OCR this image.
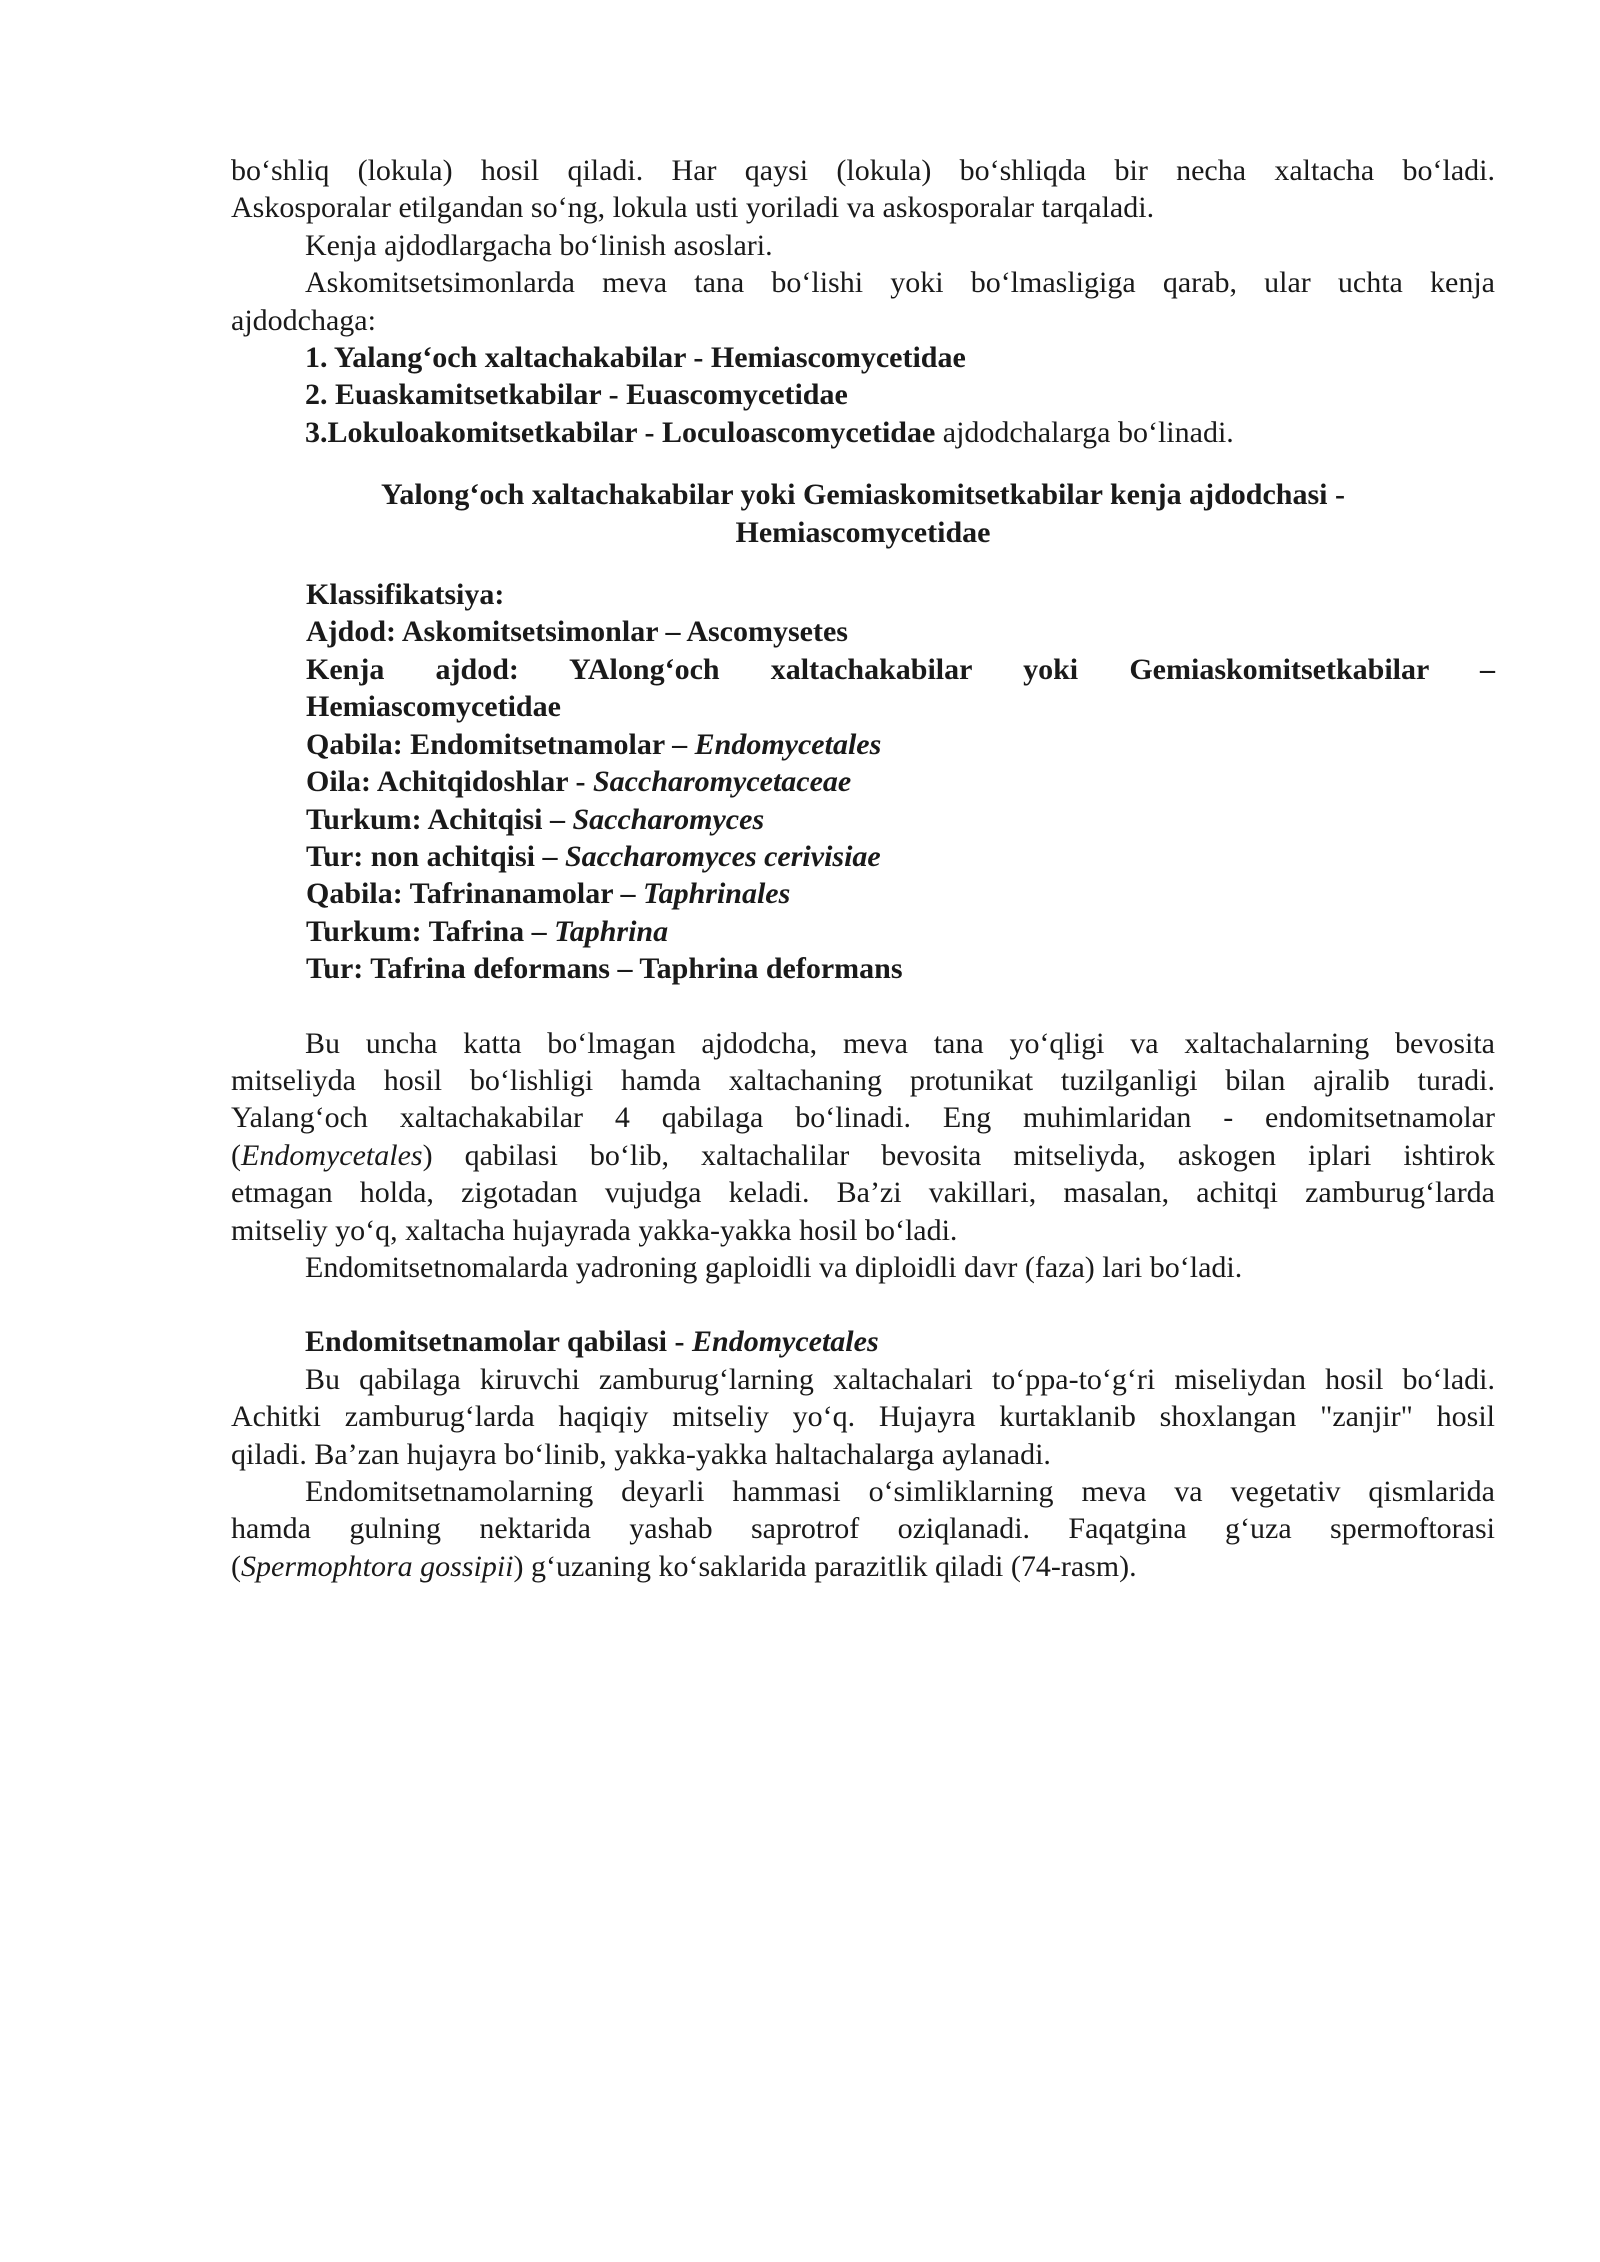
bo‘shliq (lokula) hosil qiladi. Har qaysi (lokula) bo‘shliqda bir necha xaltacha bo‘ladi.

Askosporalar etilgandan so‘ng, lokula usti yoriladi va askosporalar tarqaladi.

Kenja ajdodlargacha bo‘linish asoslari.

Askomitsetsimonlarda meva tana bo‘lishi yoki bo‘lmasligiga qarab, ular uchta kenja

ajdodchaga:

1. Yalang‘och xaltachakabilar - Hemiascomycetidae

2. Euaskamitsetkabilar - Euascomycetidae

3.Lokuloakomitsetkabilar - Loculoascomycetidae ajdodchalarga bo‘linadi.

Yalong‘och xaltachakabilar yoki Gemiaskomitsetkabilar kenja ajdodchasi -

Hemiascomycetidae

Klassifikatsiya:

Ajdod: Askomitsetsimonlar – Ascomysetes

Kenja ajdod: YAlong‘och xaltachakabilar yoki Gemiaskomitsetkabilar –

Hemiascomycetidae

Qabila: Endomitsetnamolar – Endomycetales

Oila: Achitqidoshlar - Saccharomycetaceae

Turkum: Achitqisi – Saccharomyces

Tur: non achitqisi – Saccharomyces cerivisiae

Qabila: Tafrinanamolar – Taphrinales

Turkum: Tafrina – Taphrina

Tur: Tafrina deformans – Taphrina deformans

Bu uncha katta bo‘lmagan ajdodcha, meva tana yo‘qligi va xaltachalarning bevosita

mitseliyda hosil bo‘lishligi hamda xaltachaning protunikat tuzilganligi bilan ajralib turadi.

Yalang‘och xaltachakabilar 4 qabilaga bo‘linadi. Eng muhimlaridan - endomitsetnamolar

(Endomycetales) qabilasi bo‘lib, xaltachalilar bevosita mitseliyda, askogen iplari ishtirok

etmagan holda, zigotadan vujudga keladi. Ba’zi vakillari, masalan, achitqi zamburug‘larda

mitseliy yo‘q, xaltacha hujayrada yakka-yakka hosil bo‘ladi.

Endomitsetnomalarda yadroning gaploidli va diploidli davr (faza) lari bo‘ladi.

Endomitsetnamolar qabilasi - Endomycetales

Bu qabilaga kiruvchi zamburug‘larning xaltachalari to‘ppa-to‘g‘ri miseliydan hosil bo‘ladi.

Achitki zamburug‘larda haqiqiy mitseliy yo‘q. Hujayra kurtaklanib shoxlangan "zanjir" hosil

qiladi. Ba’zan hujayra bo‘linib, yakka-yakka haltachalarga aylanadi.

Endomitsetnamolarning deyarli hammasi o‘simliklarning meva va vegetativ qismlarida

hamda gulning nektarida yashab saprotrof oziqlanadi. Faqatgina g‘uza spermoftorasi

(Spermophtora gossipii) g‘uzaning ko‘saklarida parazitlik qiladi (74-rasm).
